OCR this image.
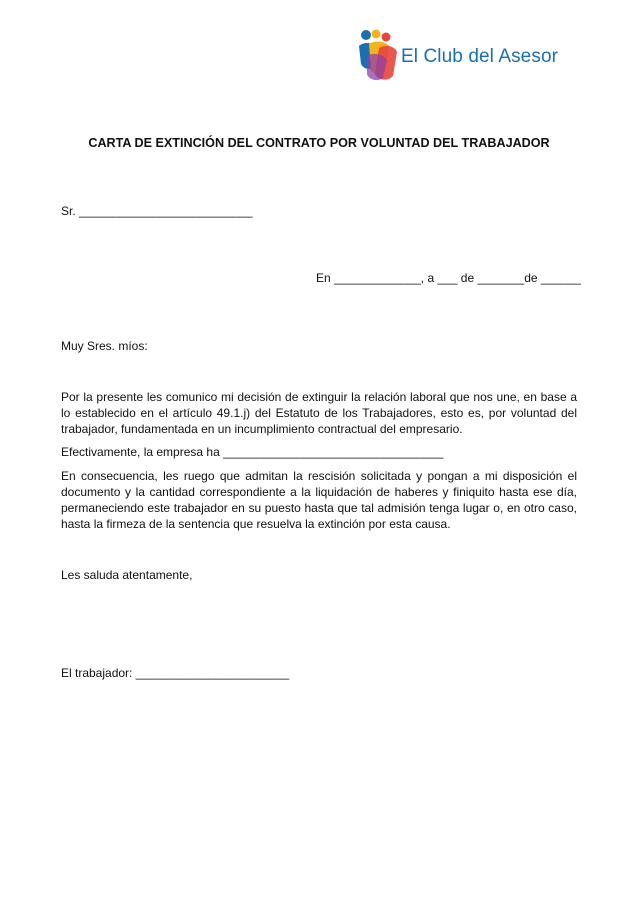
El Club del Asesor
CARTA DE EXTINCIÓN DEL CONTRATO POR VOLUNTAD DEL TRABAJADOR
Sr. __________________________
En _____________, a ___ de _______de ______
Muy Sres. míos:
Por la presente les comunico mi decisión de extinguir la relación laboral que nos une, en base a lo establecido en el artículo 49.1.j) del Estatuto de los Trabajadores, esto es, por voluntad del trabajador, fundamentada en un incumplimiento contractual del empresario.
Efectivamente, la empresa ha _________________________________
En consecuencia, les ruego que admitan la rescisión solicitada y pongan a mi disposición el documento y la cantidad correspondiente a la liquidación de haberes y finiquito hasta ese día, permaneciendo este trabajador en su puesto hasta que tal admisión tenga lugar o, en otro caso, hasta la firmeza de la sentencia que resuelva la extinción por esta causa.
Les saluda atentamente,
El trabajador: _______________________
